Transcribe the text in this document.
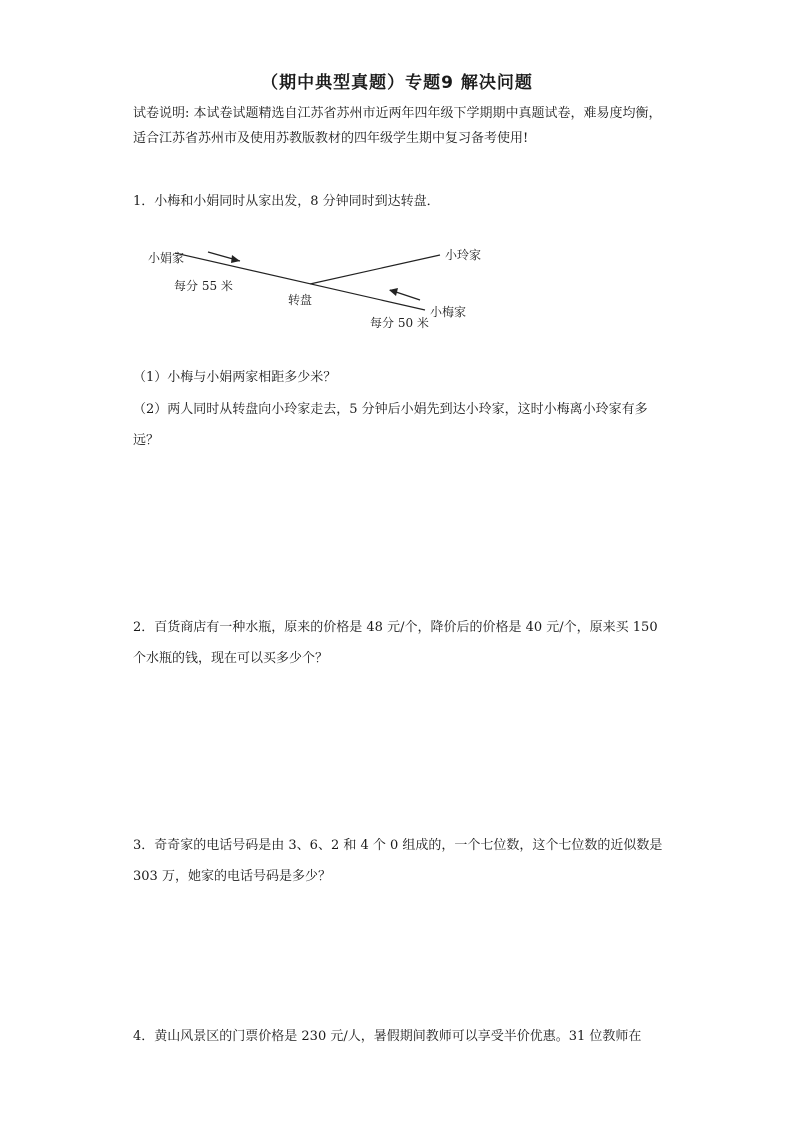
（期中典型真题）专题9 解决问题
试卷说明: 本试卷试题精选自江苏省苏州市近两年四年级下学期期中真题试卷，难易度均衡，适合江苏省苏州市及使用苏教版教材的四年级学生期中复习备考使用!
1．小梅和小娟同时从家出发，8 分钟同时到达转盘．
小娟家	小玲家
小梅家
转盘
每分 55 米
每分 50 米
（1）小梅与小娟两家相距多少米？
（2）两人同时从转盘向小玲家走去，5 分钟后小娟先到达小玲家，这时小梅离小玲家有多远？
2．百货商店有一种水瓶，原来的价格是 48 元/个，降价后的价格是 40 元/个，原来买 150 个水瓶的钱，现在可以买多少个？
3．奇奇家的电话号码是由 3、6、2 和 4 个 0 组成的，一个七位数，这个七位数的近似数是 303 万，她家的电话号码是多少？
4．黄山风景区的门票价格是 230 元/人，暑假期间教师可以享受半价优惠。31 位教师在
